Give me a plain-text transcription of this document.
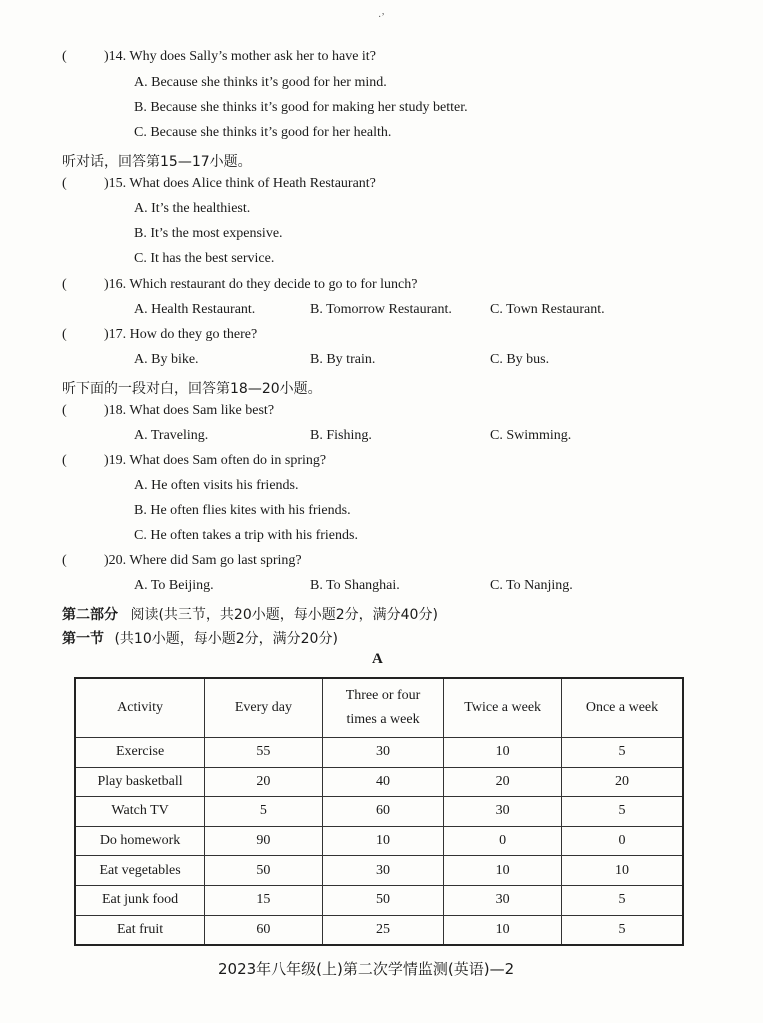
·’
(	)14. Why does Sally’s mother ask her to have it?
A. Because she thinks it’s good for her mind.
B. Because she thinks it’s good for making her study better.
C. Because she thinks it’s good for her health.
听对话，回答第15—17小题。
(	)15. What does Alice think of Heath Restaurant?
A. It’s the healthiest.
B. It’s the most expensive.
C. It has the best service.
(	)16. Which restaurant do they decide to go to for lunch?
A. Health Restaurant.	B. Tomorrow Restaurant.	C. Town Restaurant.
(	)17. How do they go there?
A. By bike.	B. By train.	C. By bus.
听下面的一段对白，回答第18—20小题。
(	)18. What does Sam like best?
A. Traveling.	B. Fishing.	C. Swimming.
(	)19. What does Sam often do in spring?
A. He often visits his friends.
B. He often flies kites with his friends.
C. He often takes a trip with his friends.
(	)20. Where did Sam go last spring?
A. To Beijing.	B. To Shanghai.	C. To Nanjing.
第二部分 阅读(共三节，共20小题，每小题2分，满分40分)
第一节 (共10小题，每小题2分，满分20分)
A
Activity	Every day	Three or four times a week	Twice a week	Once a week
Exercise	55	30	10	5
Play basketball	20	40	20	20
Watch TV	5	60	30	5
Do homework	90	10	0	0
Eat vegetables	50	30	10	10
Eat junk food	15	50	30	5
Eat fruit	60	25	10	5
2023年八年级(上)第二次学情监测(英语)—2
